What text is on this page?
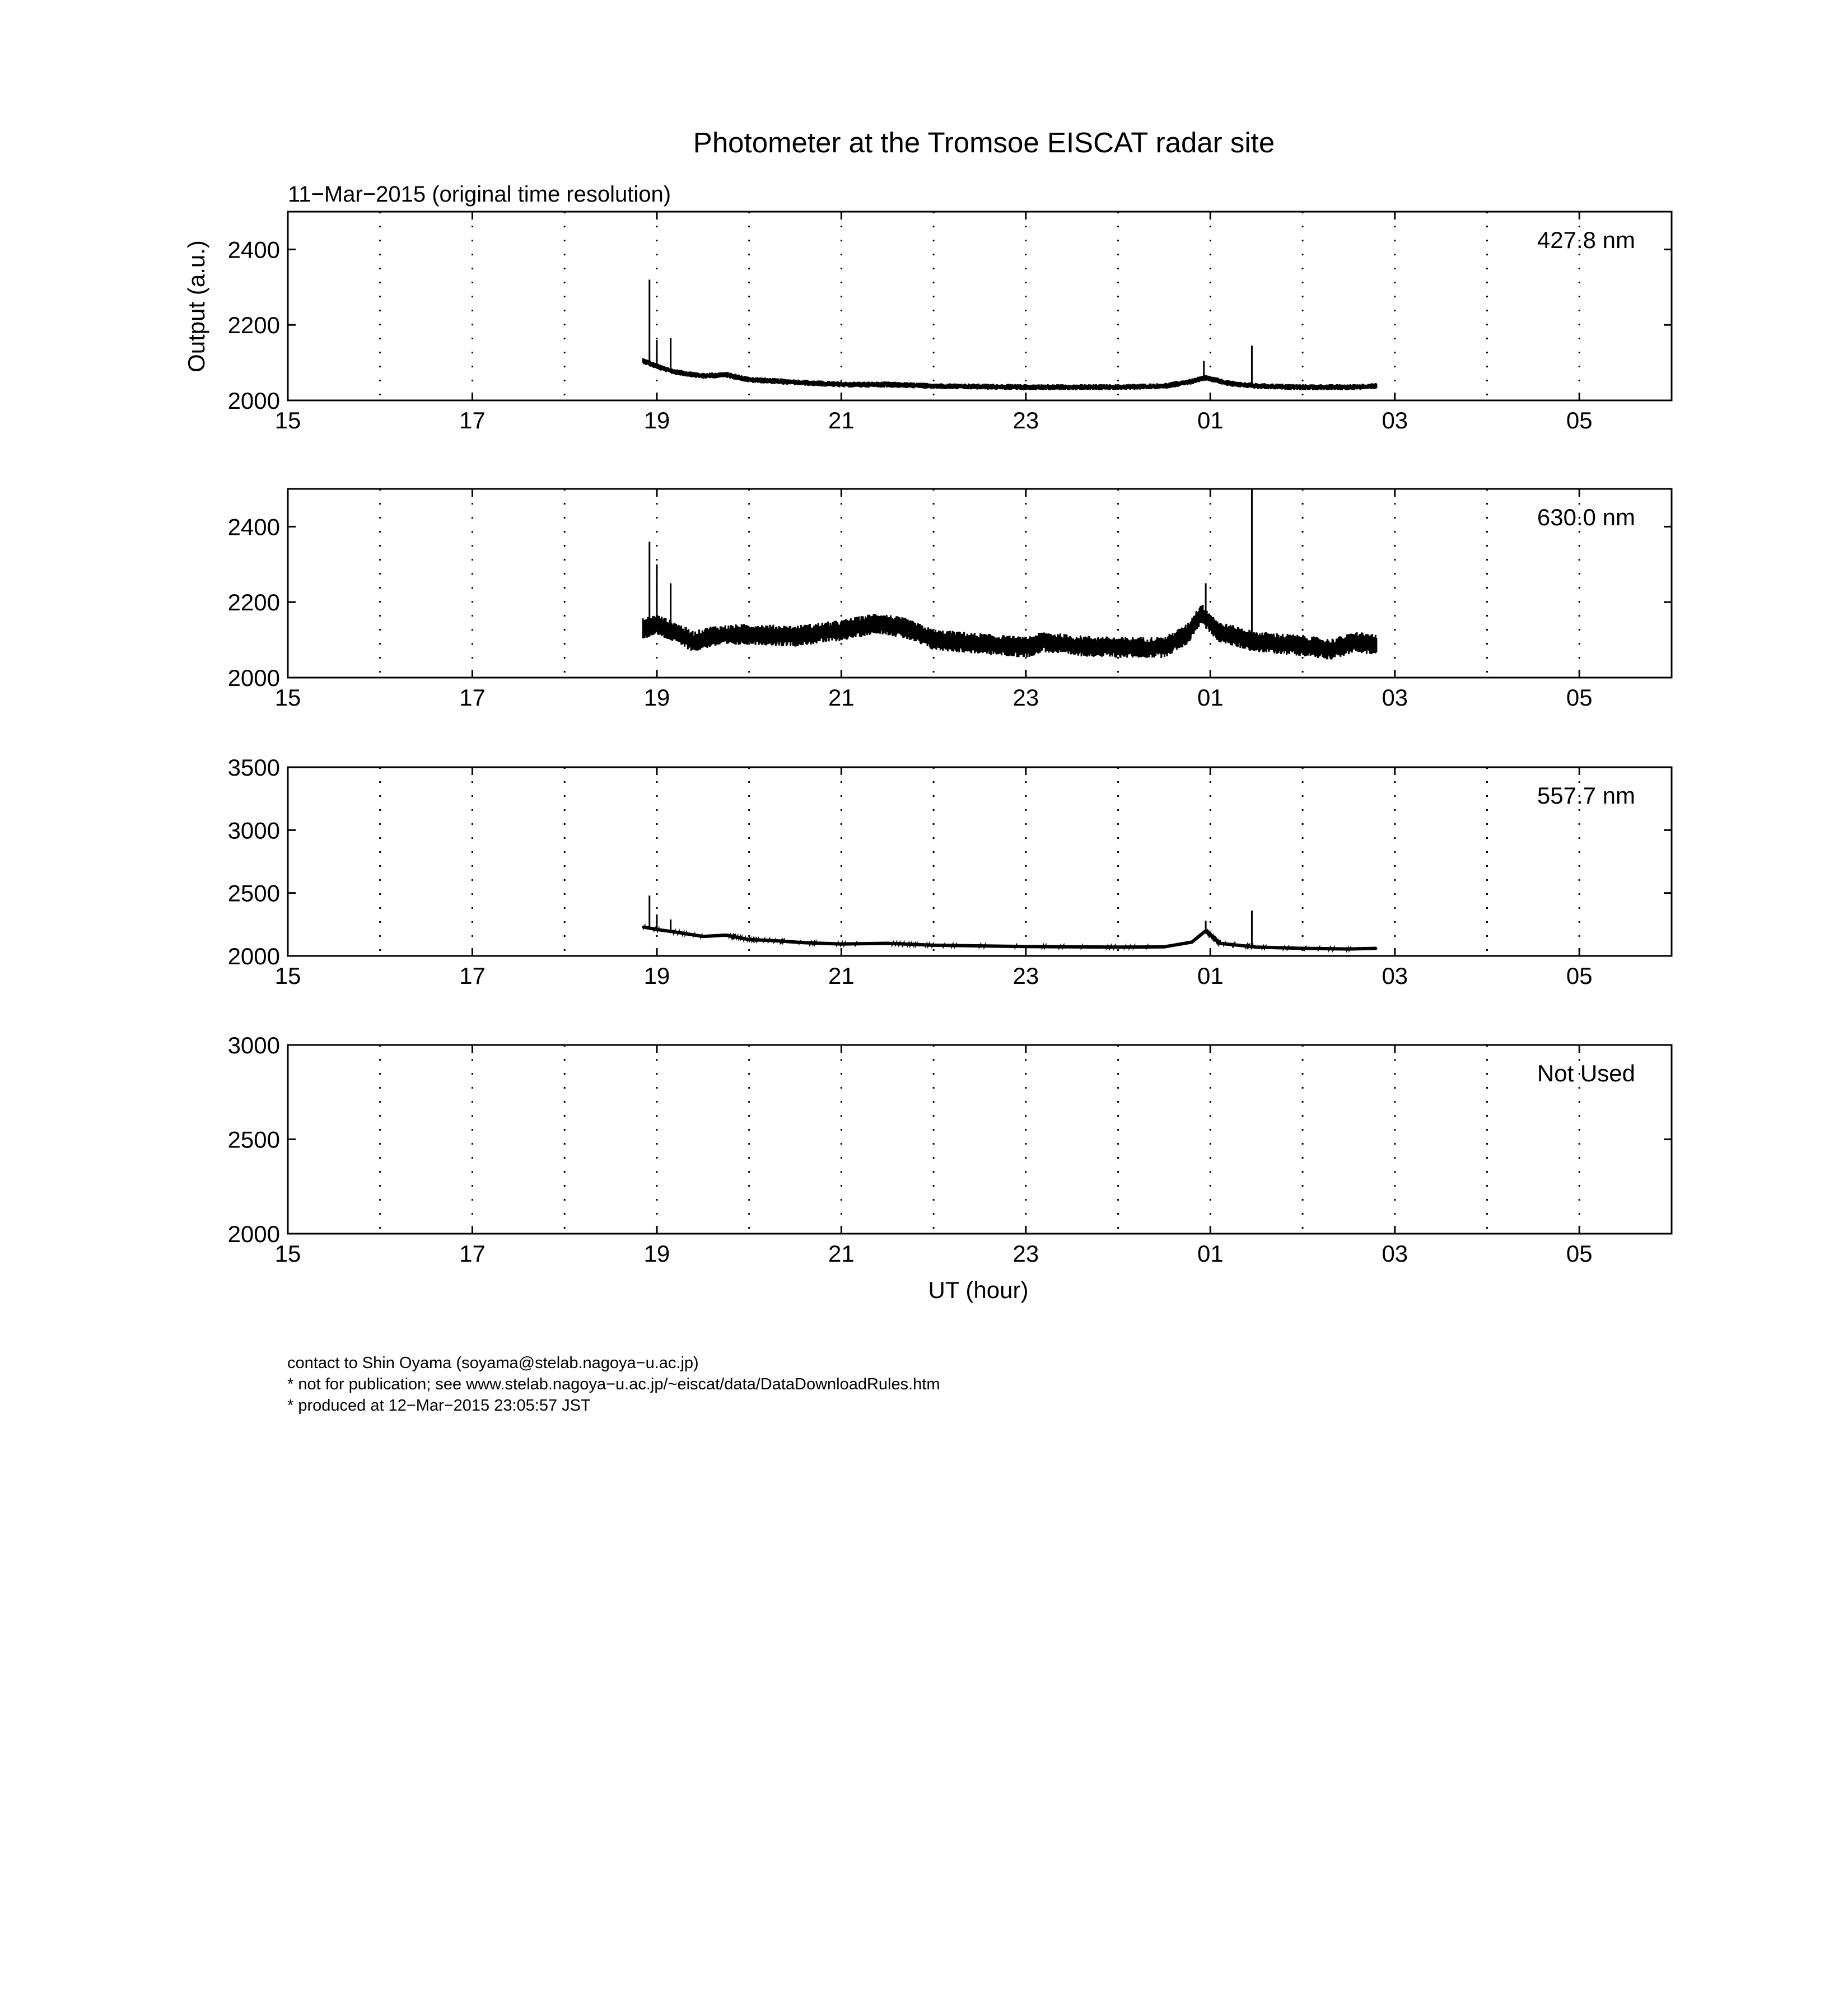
Photometer at the Tromsoe EISCAT radar site
11−Mar−2015 (original time resolution)
Output (a.u.)
UT (hour)
15	17	19	21	23	01	03	05
2000
2200
2400	427.8 nm
15	17	19	21	23	01	03	05
2000
2200
2400	630.0 nm
15	17	19	21	23	01	03	05
2000
2500
3000
3500
557.7 nm
15	17	19	21	23	01	03	05
2000
2500
3000
Not Used
contact to Shin Oyama (soyama@stelab.nagoya−u.ac.jp)
* not for publication; see www.stelab.nagoya−u.ac.jp/~eiscat/data/DataDownloadRules.htm
* produced at 12−Mar−2015 23:05:57 JST
